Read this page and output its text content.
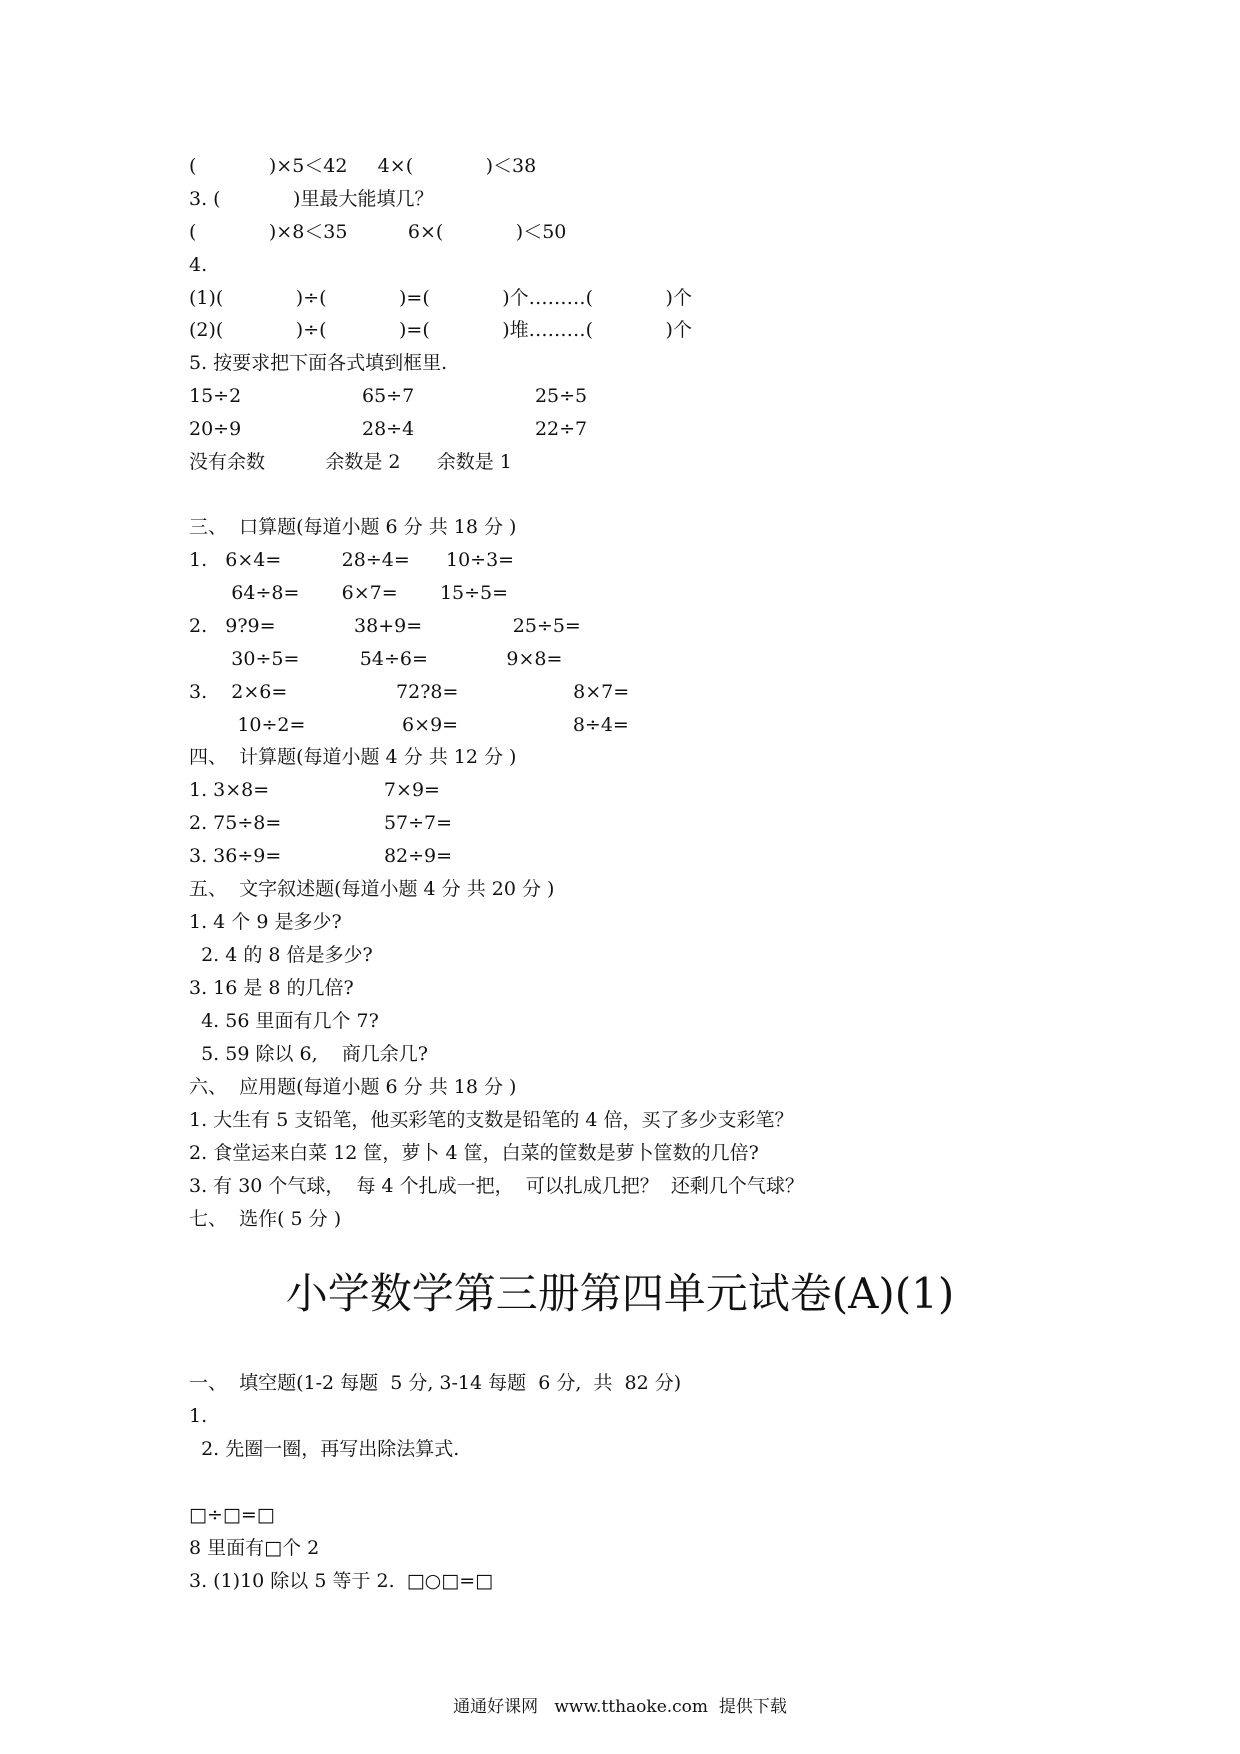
(            )×5＜42     4×(            )＜38
3. (            )里最大能填几？
(            )×8＜35          6×(            )＜50
4.
(1)(            )÷(            )=(            )个………(            )个
(2)(            )÷(            )=(            )堆………(            )个
5. 按要求把下面各式填到框里.
15÷2                    65÷7                    25÷5
20÷9                    28÷4                    22÷7
没有余数          余数是 2      余数是 1
三、  口算题(每道小题 6 分 共 18 分 )
1.   6×4=          28÷4=      10÷3=
64÷8=       6×7=       15÷5=
2.   9?9=             38+9=               25÷5=
30÷5=          54÷6=             9×8=
3.    2×6=                  72?8=                   8×7=
10÷2=                6×9=                   8÷4=
四、  计算题(每道小题 4 分 共 12 分 )
1. 3×8=                   7×9=
2. 75÷8=                 57÷7=
3. 36÷9=                 82÷9=
五、  文字叙述题(每道小题 4 分 共 20 分 )
1. 4 个 9 是多少?
2. 4 的 8 倍是多少?
3. 16 是 8 的几倍?
4. 56 里面有几个 7?
5. 59 除以 6,    商几余几?
六、  应用题(每道小题 6 分 共 18 分 )
1. 大生有 5 支铅笔，他买彩笔的支数是铅笔的 4 倍，买了多少支彩笔？
2. 食堂运来白菜 12 筐，萝卜 4 筐，白菜的筐数是萝卜筐数的几倍?
3. 有 30 个气球，  每 4 个扎成一把，  可以扎成几把？  还剩几个气球？
七、  选作( 5 分 )
小学数学第三册第四单元试卷(A)(1)
一、  填空题(1-2 每题  5 分, 3-14 每题  6 分,  共  82 分)
1.
2. 先圈一圈，再写出除法算式.
□÷□=□
8 里面有□个 2
3. (1)10 除以 5 等于 2.  □○□=□
通通好课网   www.tthaoke.com  提供下载
